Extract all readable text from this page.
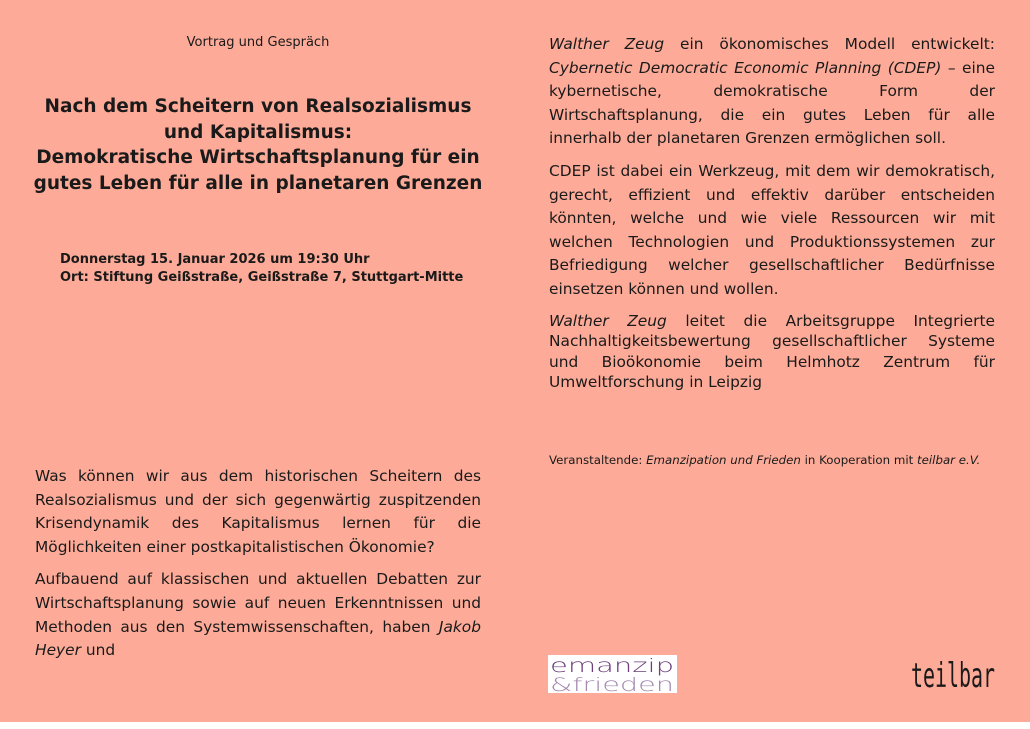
Vortrag und Gespräch

Nach dem Scheitern von Realsozialismus
und Kapitalismus:
Demokratische Wirtschaftsplanung für ein
gutes Leben für alle in planetaren Grenzen
Donnerstag 15. Januar 2026 um 19:30 Uhr
Ort: Stiftung Geißstraße, Geißstraße 7, Stuttgart-Mitte

Was können wir aus dem historischen Scheitern des Realsozialismus und der sich gegenwärtig zuspitzenden Krisendynamik des Kapitalismus lernen für die Möglichkeiten einer postkapitalistischen Ökonomie?

Aufbauend auf klassischen und aktuellen Debatten zur Wirtschaftsplanung sowie auf neuen Erkenntnissen und Methoden aus den Systemwissenschaften, haben Jakob Heyer und

Walther Zeug ein ökonomisches Modell entwickelt: Cybernetic Democratic Economic Planning (CDEP) – eine kybernetische, demokratische Form der Wirtschaftsplanung, die ein gutes Leben für alle innerhalb der planetaren Grenzen ermöglichen soll.

CDEP ist dabei ein Werkzeug, mit dem wir demokratisch, gerecht, effizient und effektiv darüber entscheiden könnten, welche und wie viele Ressourcen wir mit welchen Technologien und Produktionssystemen zur Befriedigung welcher gesellschaftlicher Bedürfnisse einsetzen können und wollen.

Walther Zeug leitet die Arbeitsgruppe Integrierte Nachhaltigkeitsbewertung gesellschaftlicher Systeme und Bioökonomie beim Helmhotz Zentrum für Umweltforschung in Leipzig

Veranstaltende: Emanzipation und Frieden in Kooperation mit teilbar e.V.

emanzip
&frieden	teilbar
